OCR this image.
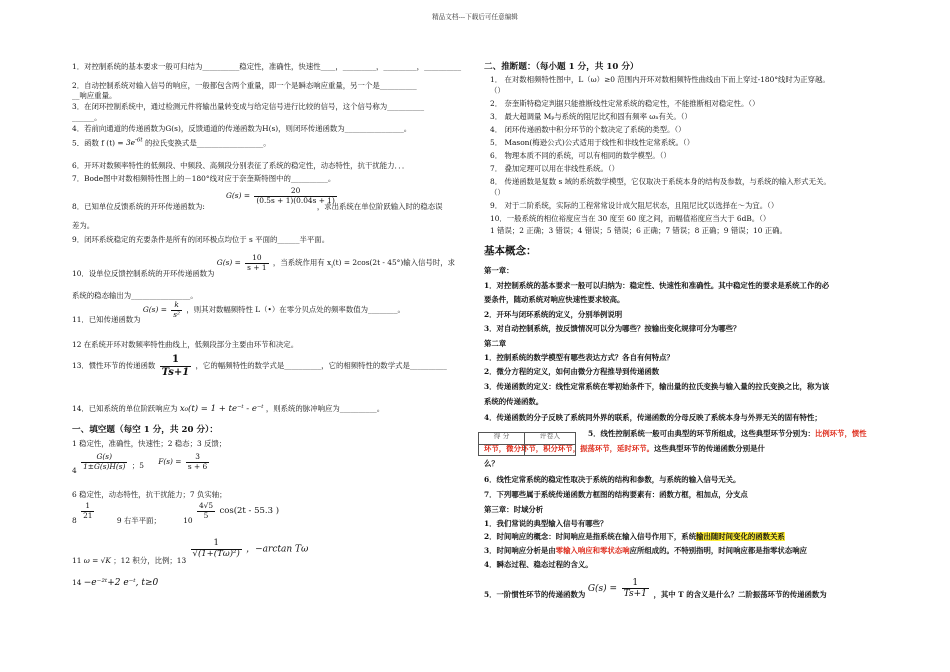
精品文档---下载后可任意编辑
1．对控制系统的基本要求一般可归结为__________稳定性，准确性，快速性____，_________，_________，__________
2．自动控制系统对输入信号的响应，一般都包含两个重量，即一个是瞬态响应重量，另一个是__________
__响应重量。
3．在闭环控制系统中，通过检测元件将输出量转变成与给定信号进行比较的信号，这个信号称为__________
______。
4．若前向通道的传递函数为G(s)，反馈通道的传递函数为H(s)，则闭环传递函数为________________。
5．函数 f $(t) = 3e^{-6t}$ 的拉氏变换式是__________________。
6．开环对数频率特性的低频段、中频段、高频段分别表征了系统的稳定性，动态特性，抗干扰能力．．．
7．Bode图中对数相频特性图上的－180°线对应于奈奎斯特图中的__________。
$G(s) = \frac{20}{(0.5s + 1)(0.04s + 1)}$
8．已知单位反馈系统的开环传递函数为:	，求出系统在单位阶跃输入时的稳态误
差为。
9．闭环系统稳定的充要条件是所有的闭环极点均位于 s 平面的______半平面。
10．设单位反馈控制系统的开环传递函数为 $G(s) = \frac{10}{s + 1}$ ，当系统作用有 $x_i(t) = 2\cos(2t - 45^\circ)$输入信号时，求
系统的稳态输出为________________。
11．已知传递函数为 $G(s) = \frac{k}{\text{s²}}$ ，则其对数幅频特性 L（•）在零分贝点处的频率数值为________。
12 在系统开环对数频率特性曲线上，低频段部分主要由环节和决定。
13．惯性环节的传递函数 $\frac{1}{Ts+1}$ ，它的幅频特性的数学式是__________，它的相频特性的数学式是__________
14．已知系统的单位阶跃响应为 x₀(t) = 1 + te⁻ᵗ - e⁻ᵗ ，则系统的脉冲响应为__________。
一、填空题（每空 1 分，共 20 分）：
1 稳定性，准确性，快速性；2 稳态；3 反馈；
$4 \frac{G(s)}{1\pm G(s)H(s)}$ ；5 $F(s) = \frac{3}{s + 6}$
6 稳定性，动态特性，抗干扰能力；7 负实轴；
8
$\frac{1}{21}$
9 右半平面；	10
$\frac{4√5}{5} \cos(2t - 55.3$ )
11 ω = √K ；12 积分，比例；13
$\frac{1}{\text{√(1+(Tω)²)}}$ ，−arctan Tω
14 −e⁻²ᵗ+2 e⁻ᵗ, t≥0
二、推断题：（每小题 1 分，共 10 分）
1． 在对数相频特性图中，L（ω）≥0 范围内开环对数相频特性曲线由下而上穿过-180°线时为正穿越。
（）
2． 奈奎斯特稳定判据只能推断线性定常系统的稳定性，不能推断相对稳定性。（）
3． 最大超调量 Mₚ与系统的阻尼比ζ和固有频率 ωₙ有关。（）
4． 闭环传递函数中积分环节的个数决定了系统的类型。（）
5． Mason(梅逊公式)公式适用于线性和非线性定常系统。（）
6． 物理本质不同的系统，可以有相同的数学模型。（）
7． 叠加定理可以用在非线性系统。（）
8． 传递函数是复数 s 域的系统数学模型，它仅取决于系统本身的结构及参数，与系统的输入形式无关。
（）
9． 对于二阶系统，实际的工程常常设计成欠阻尼状态，且阻尼比ζ以选择在～为宜。（）
10．一般系统的相位裕度应当在 30 度至 60 度之间，而幅值裕度应当大于 6dB。（）
1 错误；2 正确；3 错误；4 错误；5 错误；6 正确；7 错误；8 正确；9 错误；10 正确。
基本概念：
第一章：
1．对控制系统的基本要求一般可以归纳为：稳定性、快速性和准确性。其中稳定性的要求是系统工作的必
要条件，随动系统对响应快速性要求较高。
2．开环与闭环系统的定义，分别举例说明
3．对自动控制系统，按反馈情况可以分为哪些？按输出变化规律可分为哪些？
第二章
1．控制系统的数学模型有哪些表达方式？各自有何特点？
2．微分方程的定义，如何由微分方程推导到传递函数
3．传递函数的定义：线性定常系统在零初始条件下，输出量的拉氏变换与输入量的拉氏变换之比，称为该
系统的传递函数。
4．传递函数的分子反映了系统同外界的联系，传递函数的分母反映了系统本身与外界无关的固有特性；
5．线性控制系统一般可由典型的环节所组成，这些典型环节分别为：比例环节，惯性
环节，微分环节，积分环节，振荡环节，延时环节。这些典型环节的传递函数分别是什
么？
6．线性定常系统的稳定性取决于系统的结构和参数，与系统的输入信号无关。
7．下列哪些属于系统传递函数方框图的结构要素有：函数方框，相加点，分支点
第三章：时域分析
1．我们常说的典型输入信号有哪些？
2．时间响应的概念：时间响应是指系统在输入信号作用下，系统输出随时间变化的函数关系
3．时间响应分析是由零输入响应和零状态响应所组成的。不特别指明，时间响应都是指零状态响应
4．瞬态过程、稳态过程的含义。
5．一阶惯性环节的传递函数为 $G(s) = \frac{1}{Ts+1}$ ，其中 T 的含义是什么？二阶振荡环节的传递函数为
得 分	评卷人
